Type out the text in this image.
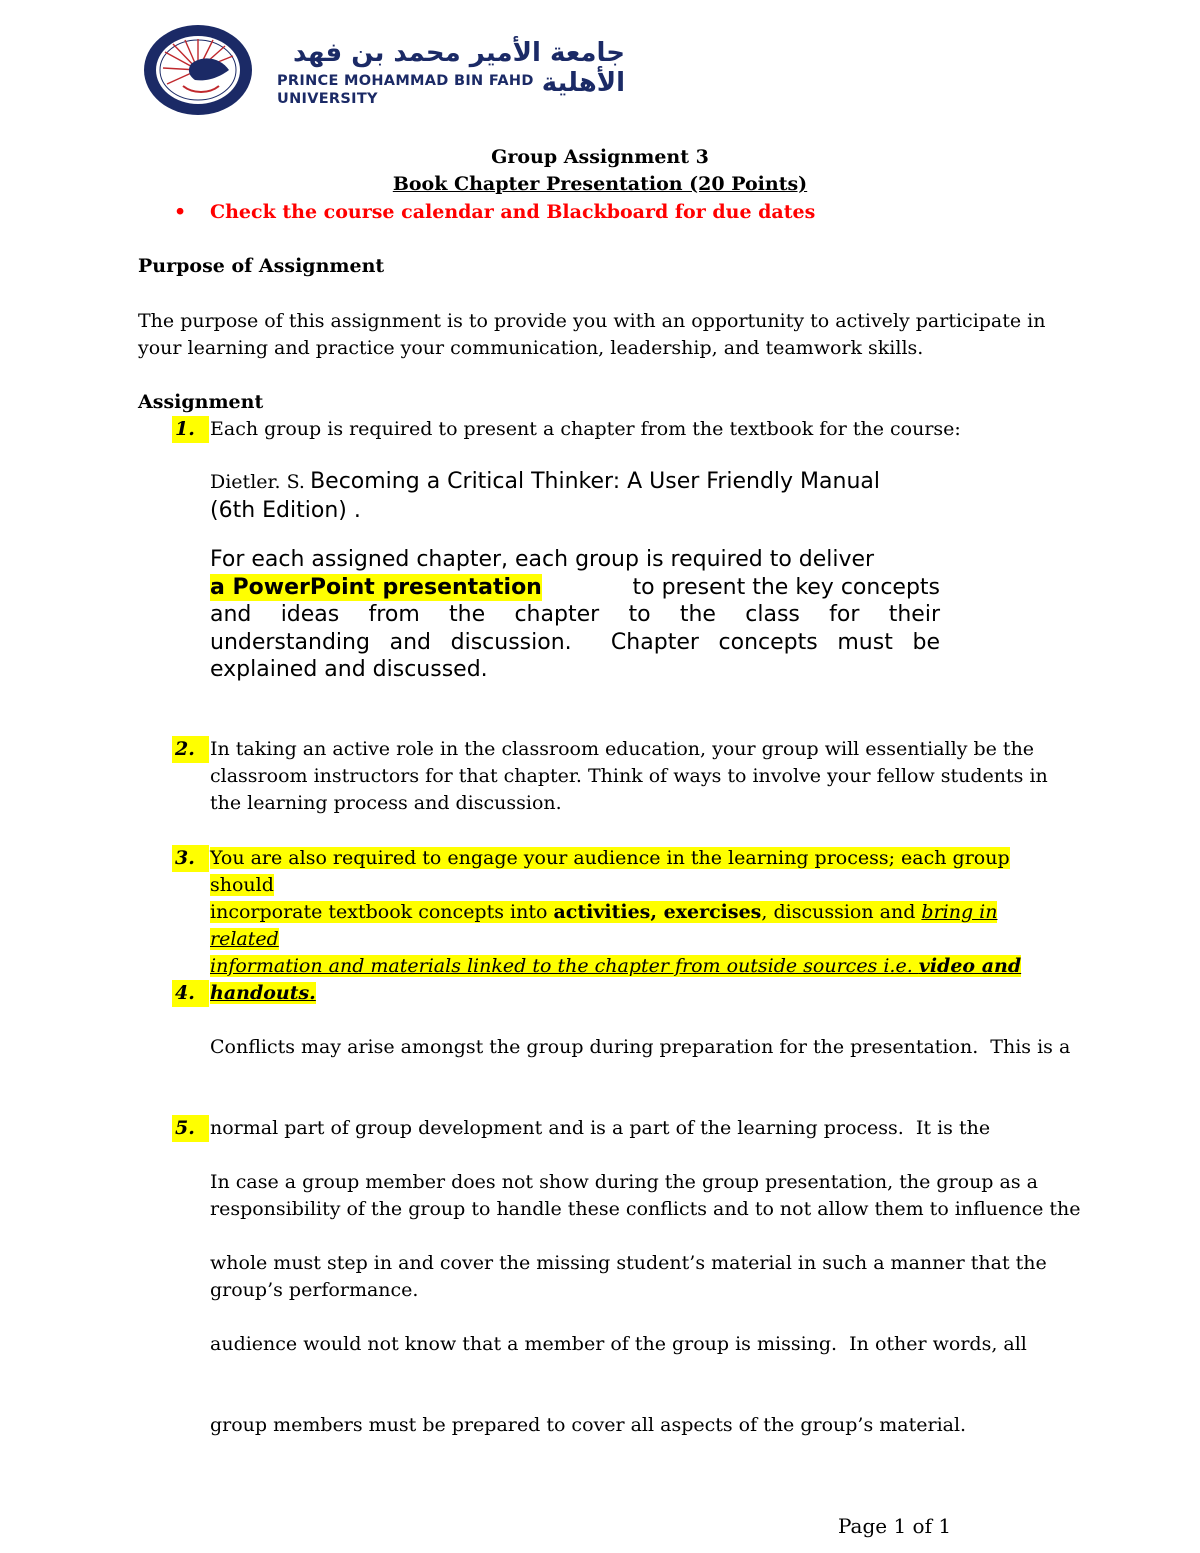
جامعة الأمير محمد بن فهد الأهلية
PRINCE MOHAMMAD BIN FAHD UNIVERSITY
Group Assignment 3
Book Chapter Presentation (20 Points)
• Check the course calendar and Blackboard for due dates
Purpose of Assignment
The purpose of this assignment is to provide you with an opportunity to actively participate in
your learning and practice your communication, leadership, and teamwork skills.
Assignment
1. Each group is required to present a chapter from the textbook for the course:
Dietler. S. Becoming a Critical Thinker: A User Friendly Manual
(6th Edition) .
For each assigned chapter, each group is required to deliver
a PowerPoint presentation	to present the key concepts
and ideas from the chapter to the class for their
understanding and discussion.  Chapter concepts must be
explained and discussed.
2. In taking an active role in the classroom education, your group will essentially be the
classroom instructors for that chapter. Think of ways to involve your fellow students in
the learning process and discussion.
3. You are also required to engage your audience in the learning process; each group should
incorporate textbook concepts into activities, exercises, discussion and bring in related
information and materials linked to the chapter from outside sources i.e. video and
handouts.
4.

Conflicts may arise amongst the group during preparation for the presentation.  This is a

normal part of group development and is a part of the learning process.  It is the

responsibility of the group to handle these conflicts and to not allow them to influence the

group’s performance.

5.

In case a group member does not show during the group presentation, the group as a

whole must step in and cover the missing student’s material in such a manner that the

audience would not know that a member of the group is missing.  In other words, all

group members must be prepared to cover all aspects of the group’s material.

Page 1 of 1
